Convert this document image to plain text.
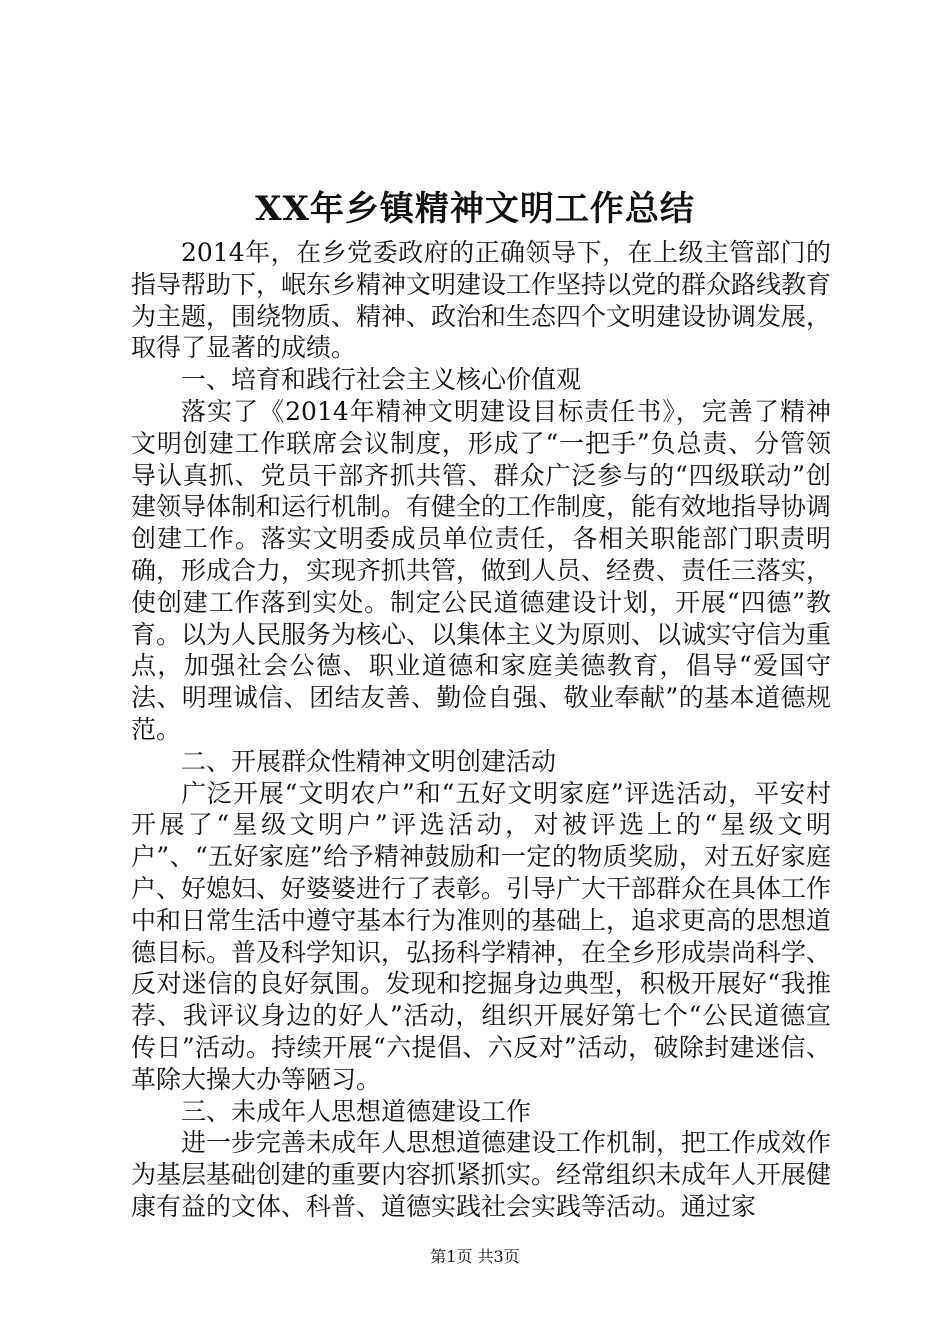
XX年乡镇精神文明工作总结

2014年，在乡党委政府的正确领导下，在上级主管部门的指导帮助下，岷东乡精神文明建设工作坚持以党的群众路线教育为主题，围绕物质、精神、政治和生态四个文明建设协调发展，取得了显著的成绩。

一、培育和践行社会主义核心价值观

落实了《2014年精神文明建设目标责任书》，完善了精神文明创建工作联席会议制度，形成了“一把手”负总责、分管领导认真抓、党员干部齐抓共管、群众广泛参与的“四级联动”创建领导体制和运行机制。有健全的工作制度，能有效地指导协调创建工作。落实文明委成员单位责任，各相关职能部门职责明确，形成合力，实现齐抓共管，做到人员、经费、责任三落实，使创建工作落到实处。制定公民道德建设计划，开展“四德”教育。以为人民服务为核心、以集体主义为原则、以诚实守信为重点，加强社会公德、职业道德和家庭美德教育，倡导“爱国守法、明理诚信、团结友善、勤俭自强、敬业奉献”的基本道德规范。

二、开展群众性精神文明创建活动

广泛开展“文明农户”和“五好文明家庭”评选活动，平安村开展了“星级文明户”评选活动，对被评选上的“星级文明户”、“五好家庭”给予精神鼓励和一定的物质奖励，对五好家庭户、好媳妇、好婆婆进行了表彰。引导广大干部群众在具体工作中和日常生活中遵守基本行为准则的基础上，追求更高的思想道德目标。普及科学知识，弘扬科学精神，在全乡形成崇尚科学、反对迷信的良好氛围。发现和挖掘身边典型，积极开展好“我推荐、我评议身边的好人”活动，组织开展好第七个“公民道德宣传日”活动。持续开展“六提倡、六反对”活动，破除封建迷信、革除大操大办等陋习。

三、未成年人思想道德建设工作

进一步完善未成年人思想道德建设工作机制，把工作成效作为基层基础创建的重要内容抓紧抓实。经常组织未成年人开展健康有益的文体、科普、道德实践社会实践等活动。通过家

第1页 共3页
